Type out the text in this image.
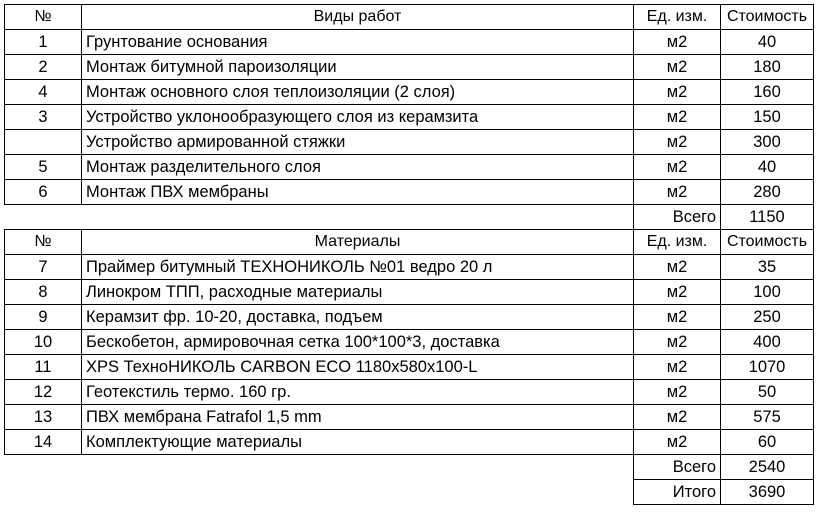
№	Виды работ	Ед. изм.	Стоимость
1	Грунтование основания	м2	40
2	Монтаж битумной пароизоляции	м2	180
4	Монтаж основного слоя теплоизоляции (2 слоя)	м2	160
3	Устройство уклонообразующего слоя из керамзита	м2	150
	Устройство армированной стяжки	м2	300
5	Монтаж разделительного слоя	м2	40
6	Монтаж ПВХ мембраны	м2	280
		Всего	1150
№	Материалы	Ед. изм.	Стоимость
7	Праймер битумный ТЕХНОНИКОЛЬ №01 ведро 20 л	м2	35
8	Линокром ТПП, расходные материалы	м2	100
9	Керамзит фр. 10-20, доставка, подъем	м2	250
10	Бескобетон, армировочная сетка 100*100*3, доставка	м2	400
11	XPS ТехноНИКОЛЬ CARBON ECO 1180x580x100-L	м2	1070
12	Геотекстиль термо. 160 гр.	м2	50
13	ПВХ мембрана Fatrafol 1,5 mm	м2	575
14	Комплектующие материалы	м2	60
		Всего	2540
		Итого	3690
